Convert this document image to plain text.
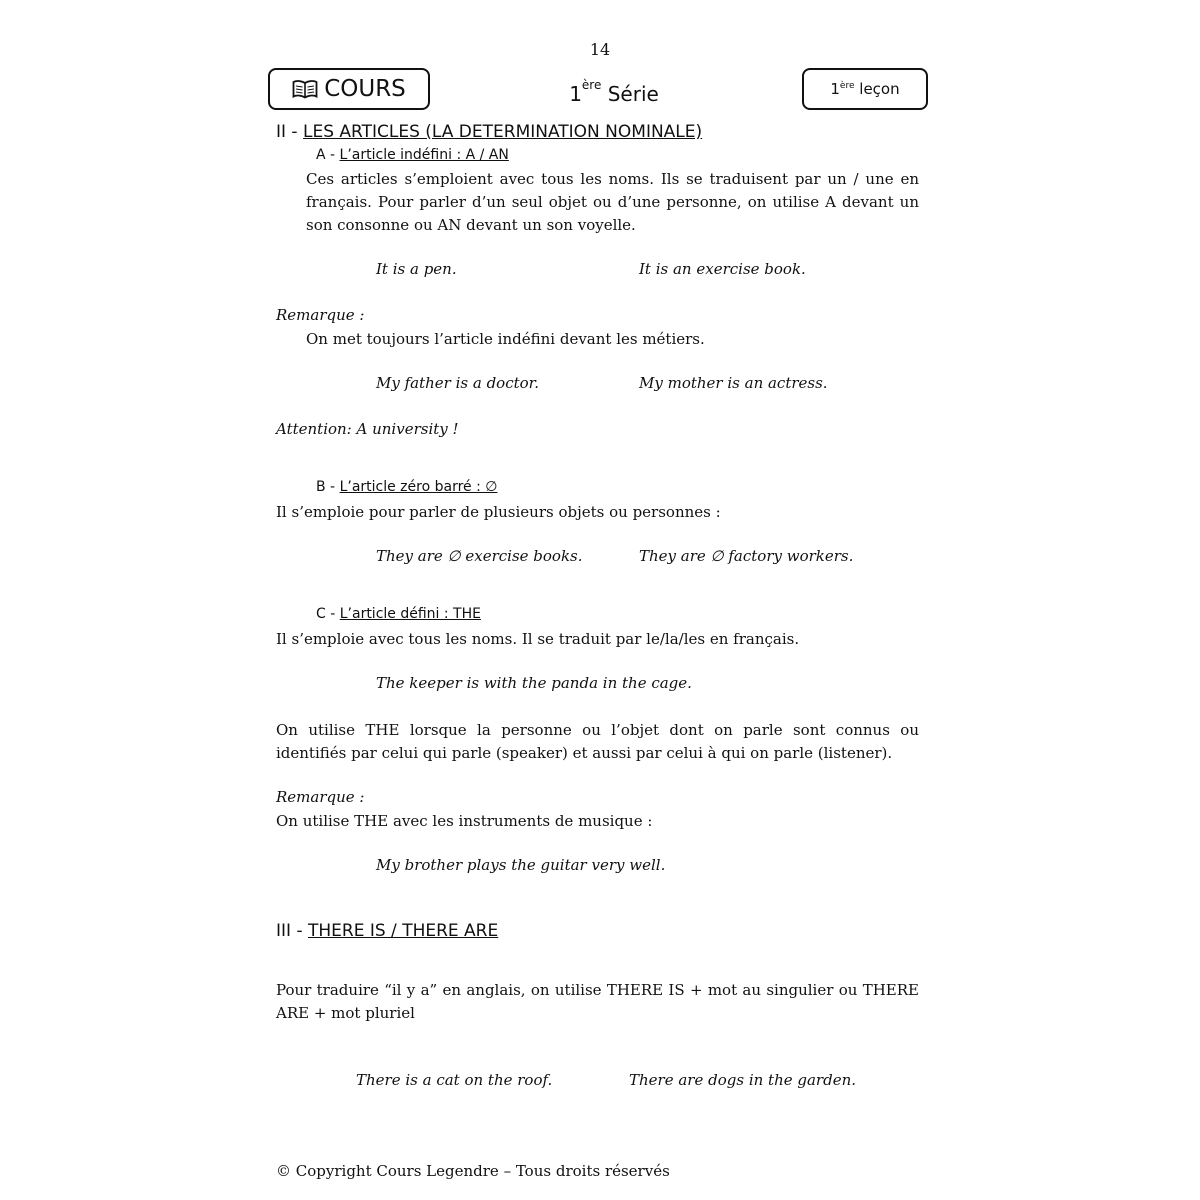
14
COURS	1ère Série	1ère
leçon
II - LES ARTICLES (LA DETERMINATION NOMINALE)
A - L’article indéfini : A / AN
Ces articles s’emploient avec tous les noms. Ils se traduisent par un / une en français. Pour parler d’un seul objet ou d’une personne, on utilise A devant un son consonne ou AN devant un son voyelle.
It is a pen.	It is an exercise book.
Remarque :
On met toujours l’article indéfini devant les métiers.
My father is a doctor.	My mother is an actress.
Attention: A university !
B - L’article zéro barré : ∅
Il s’emploie pour parler de plusieurs objets ou personnes :
They are ∅ exercise books.	They are ∅ factory workers.
C - L’article défini : THE
Il s’emploie avec tous les noms. Il se traduit par le/la/les en français.
The keeper is with the panda in the cage.
On utilise THE lorsque la personne ou l’objet dont on parle sont connus ou identifiés par celui qui parle (speaker) et aussi par celui à qui on parle (listener).
Remarque :
On utilise THE avec les instruments de musique :
My brother plays the guitar very well.
III - THERE IS / THERE ARE
Pour traduire “il y a” en anglais, on utilise THERE IS + mot au singulier ou THERE ARE + mot pluriel
There is a cat on the roof.	There are dogs in the garden.
© Copyright Cours Legendre – Tous droits réservés
